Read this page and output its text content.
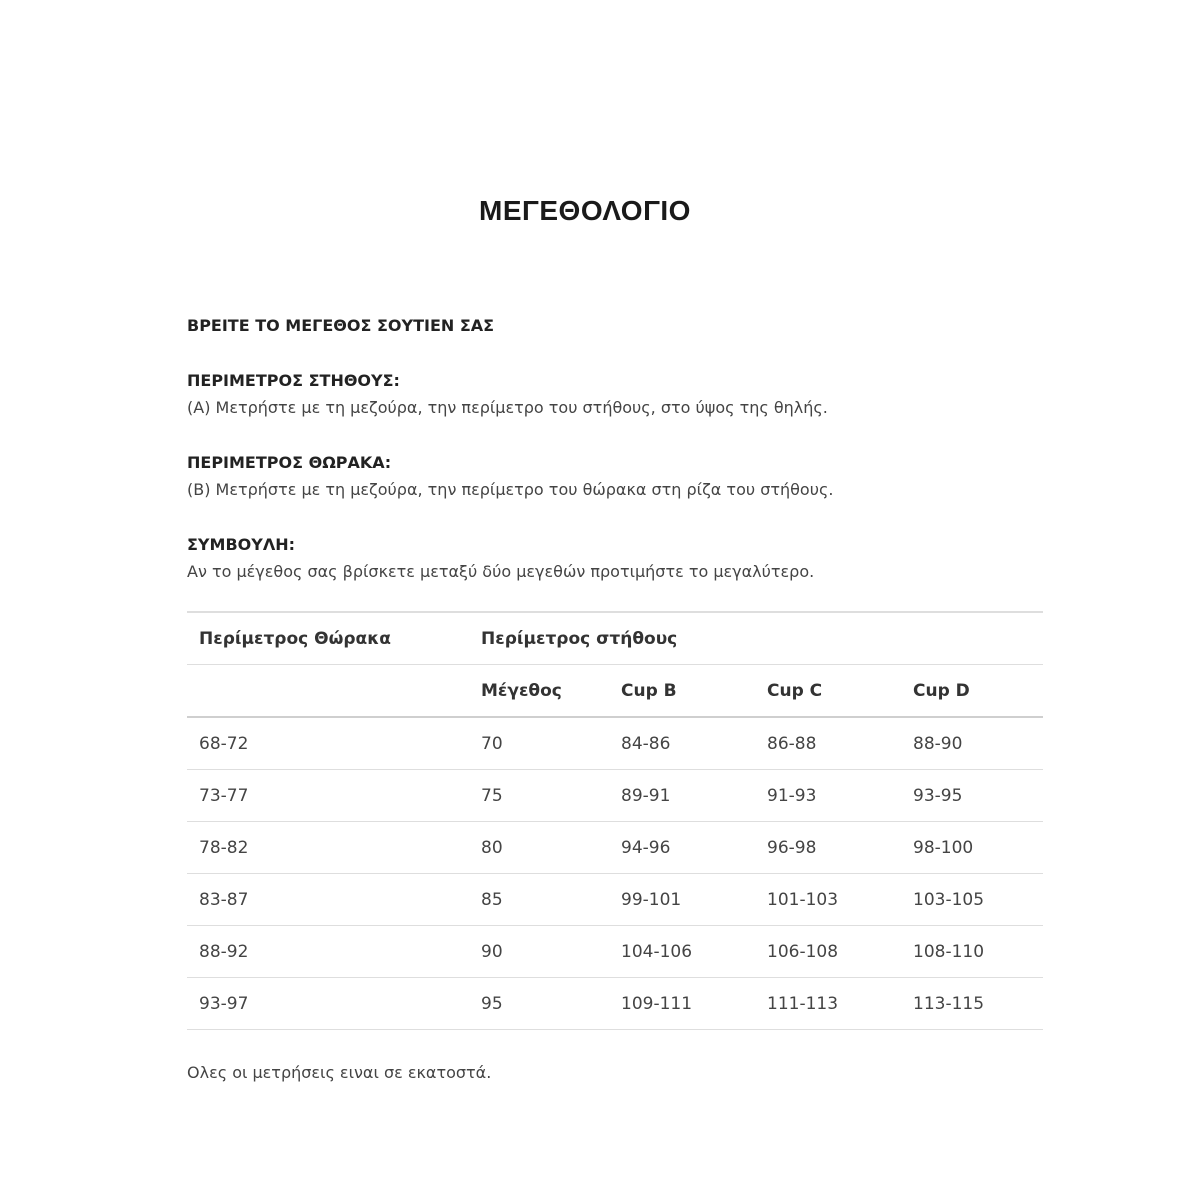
ΜΕΓΕΘΟΛΟΓΙΟ

ΒΡΕΙΤΕ ΤΟ ΜΕΓΕΘΟΣ ΣΟΥΤΙΕΝ ΣΑΣ

ΠΕΡΙΜΕΤΡΟΣ ΣΤΗΘΟΥΣ:

(A) Μετρήστε με τη μεζούρα, την περίμετρο του στήθους, στο ύψος της θηλής.

ΠΕΡΙΜΕΤΡΟΣ ΘΩΡΑΚΑ:

(B) Μετρήστε με τη μεζούρα, την περίμετρο του θώρακα στη ρίζα του στήθους.

ΣΥΜΒΟΥΛΗ:

Αν το μέγεθος σας βρίσκετε μεταξύ δύο μεγεθών προτιμήστε το μεγαλύτερο.

Περίμετρος Θώρακα	Περίμετρος στήθους			
	Μέγεθος	Cup B	Cup C	Cup D
68-72	70	84-86	86-88	88-90
73-77	75	89-91	91-93	93-95
78-82	80	94-96	96-98	98-100
83-87	85	99-101	101-103	103-105
88-92	90	104-106	106-108	108-110
93-97	95	109-111	111-113	113-115
Ολες οι μετρήσεις ειναι σε εκατοστά.
